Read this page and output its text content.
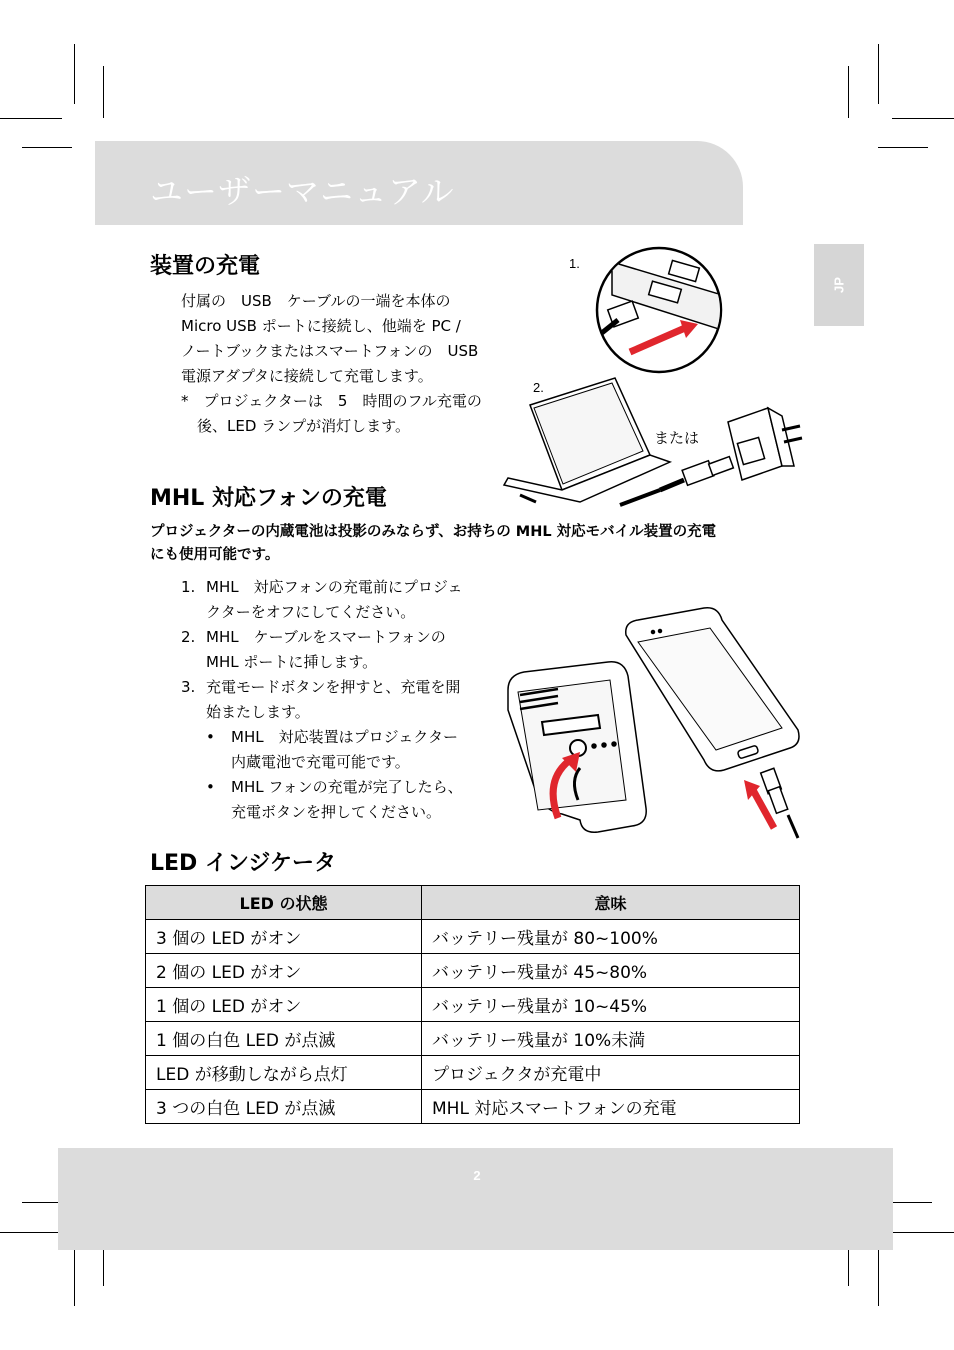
ユーザーマニュアル
JP
装置の充電
付属の　USB　ケーブルの一端を本体の
Micro USB ポートに接続し、他端を PC /
ノートブックまたはスマートフォンの　USB
電源アダプタに接続して充電します。
*　プロジェクターは　5　時間のフル充電の
後、LED ランプが消灯します。
1.
2.
または
MHL 対応フォンの充電
プロジェクターの内蔵電池は投影のみならず、お持ちの MHL 対応モバイル装置の充電
にも使用可能です。
1. MHL　対応フォンの充電前にプロジェ
クターをオフにしてください。
2. MHL　ケーブルをスマートフォンの
MHL ポートに挿します。
3. 充電モードボタンを押すと、充電を開
始またします。
• MHL　対応装置はプロジェクター
内蔵電池で充電可能です。
• MHL フォンの充電が完了したら、
充電ボタンを押してください。
LED インジケータ
LED の状態	意味
3 個の LED がオン	バッテリー残量が 80~100%
2 個の LED がオン	バッテリー残量が 45~80%
1 個の LED がオン	バッテリー残量が 10~45%
1 個の白色 LED が点滅	バッテリー残量が 10%未満
LED が移動しながら点灯	プロジェクタが充電中
3 つの白色 LED が点滅	MHL 対応スマートフォンの充電
2
